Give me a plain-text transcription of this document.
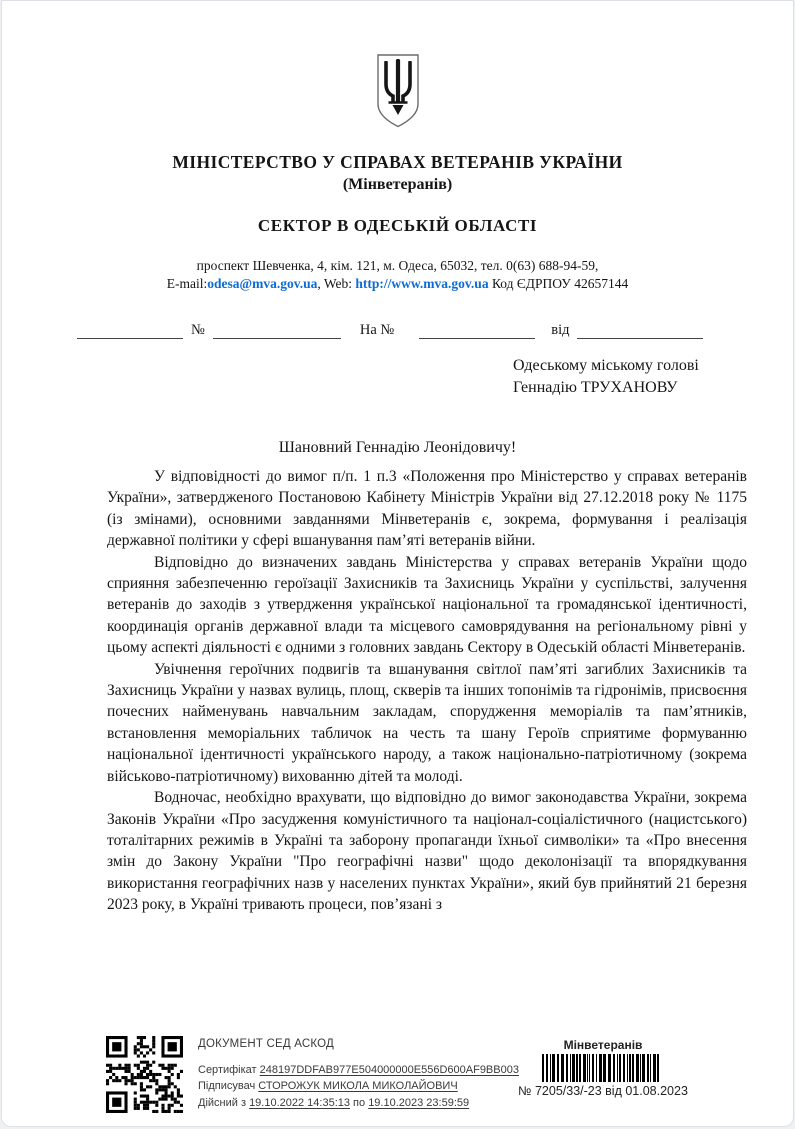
МІНІСТЕРСТВО У СПРАВАХ ВЕТЕРАНІВ УКРАЇНИ
(Мінветеранів)
СЕКТОР В ОДЕСЬКІЙ ОБЛАСТІ
проспект Шевченка, 4, кім. 121, м. Одеса, 65032, тел. 0(63) 688-94-59,
E-mail:odesa@mva.gov.ua, Web: http://www.mva.gov.ua Код ЄДРПОУ 42657144
№	На №	від
Одеському міському голові
Геннадію ТРУХАНОВУ
Шановний Геннадію Леонідовичу!

У відповідності до вимог п/п. 1 п.3 «Положення про Міністерство у справах ветеранів України», затвердженого Постановою Кабінету Міністрів України від 27.12.2018 року № 1175 (із змінами), основними завданнями Мінветеранів є, зокрема, формування і реалізація державної політики у сфері вшанування пам’яті ветеранів війни.

Відповідно до визначених завдань Міністерства у справах ветеранів України щодо сприяння забезпеченню героїзації Захисників та Захисниць України у суспільстві, залучення ветеранів до заходів з утвердження української національної та громадянської ідентичності, координація органів державної влади та місцевого самоврядування на регіональному рівні у цьому аспекті діяльності є одними з головних завдань Сектору в Одеській області Мінветеранів.

Увічнення героїчних подвигів та вшанування світлої пам’яті загиблих Захисників та Захисниць України у назвах вулиць, площ, скверів та інших топонімів та гідронімів, присвоєння почесних найменувань навчальним закладам, спорудження меморіалів та пам’ятників, встановлення меморіальних табличок на честь та шану Героїв сприятиме формуванню національної ідентичності українського народу, а також національно-патріотичному (зокрема військово-патріотичному) вихованню дітей та молоді.

Водночас, необхідно врахувати, що відповідно до вимог законодавства України, зокрема Законів України «Про засудження комуністичного та націонал-соціалістичного (нацистського) тоталітарних режимів в Україні та заборону пропаганди їхньої символіки» та «Про внесення змін до Закону України "Про географічні назви" щодо деколонізації та впорядкування використання географічних назв у населених пунктах України», який був прийнятий 21 березня 2023 року, в Україні тривають процеси, пов’язані з

ДОКУМЕНТ СЕД АСКОД
Сертифікат 248197DDFAB977E504000000E556D600AF9BB003
Підписувач СТОРОЖУК МИКОЛА МИКОЛАЙОВИЧ
Дійсний з 19.10.2022 14:35:13 по 19.10.2023 23:59:59
Мінветеранів
№ 7205/33/-23 від 01.08.2023
